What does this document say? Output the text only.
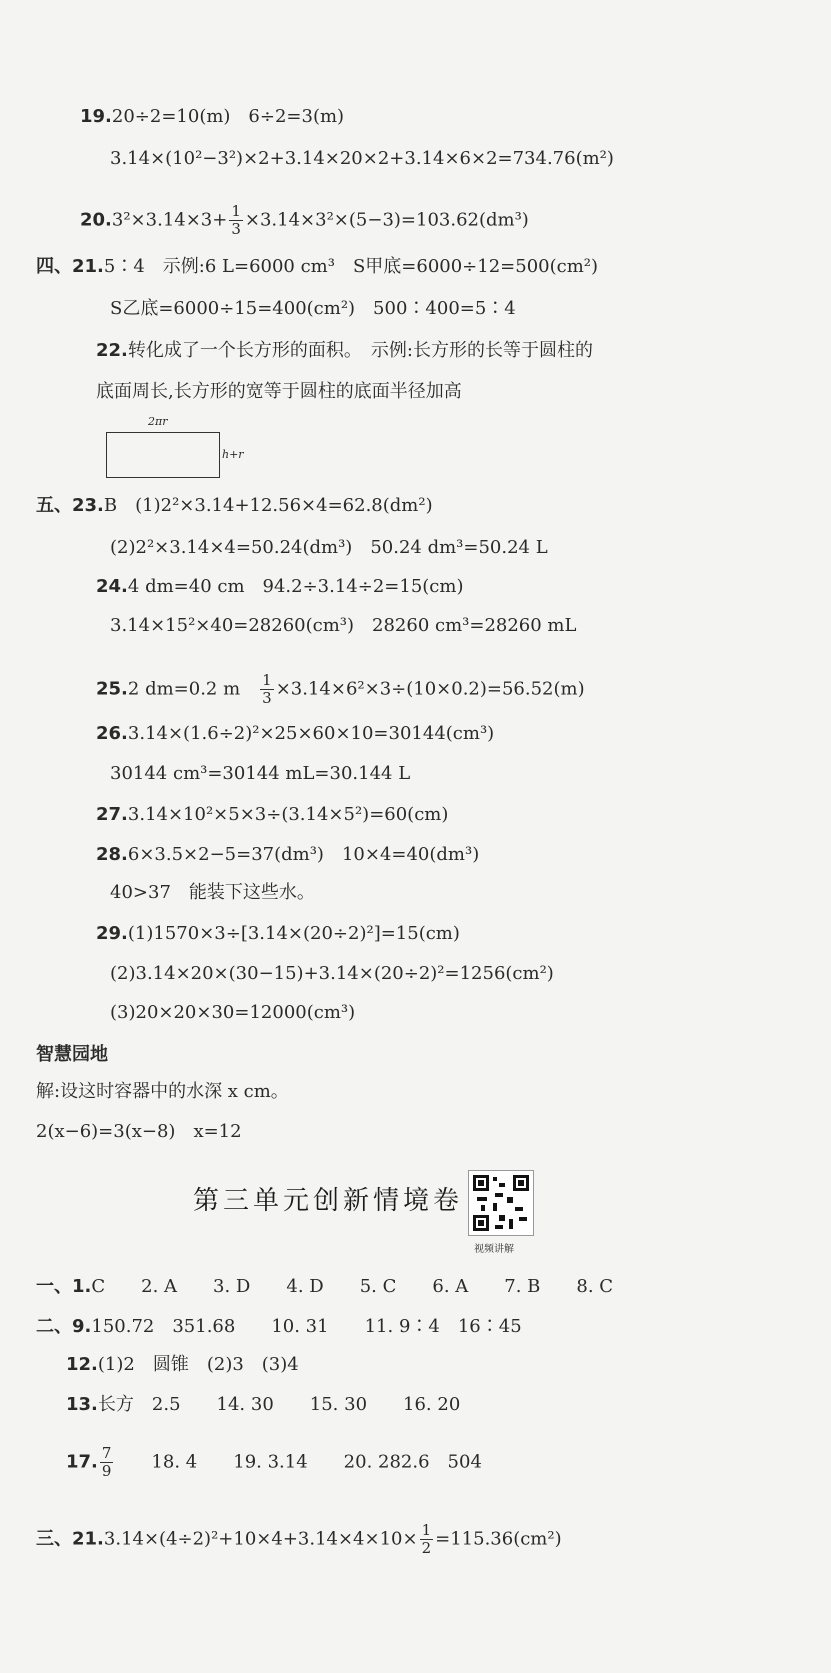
19.20÷2=10(m)　6÷2=3(m)
3.14×(10²−3²)×2+3.14×20×2+3.14×6×2=734.76(m²)
$20.3^2\times 3.14\times 3+ \frac{1}{3} \times 3.14\times 3^2\times(5-3)=103.62(dm^3)$
四、21.5∶4　示例:6 L=6000 cm³　S甲底=6000÷12=500(cm²)
S乙底=6000÷15=400(cm²)　500∶400=5∶4
22.转化成了一个长方形的面积。　示例:长方形的长等于圆柱的
底面周长,长方形的宽等于圆柱的底面半径加高
五、23.B　(1)2²×3.14+12.56×4=62.8(dm²)
(2)2²×3.14×4=50.24(dm³)　50.24 dm³=50.24 L
24.4 dm=40 cm　94.2÷3.14÷2=15(cm)
3.14×15²×40=28260(cm³)　28260 cm³=28260 mL
25.2 dm=0.2 m　 $\frac{1}{3} \times 3.14\times 6^2\times 3\div(10\times 0.2)=56.52(m)$
26.3.14×(1.6÷2)²×25×60×10=30144(cm³)
30144 cm³=30144 mL=30.144 L
27.3.14×10²×5×3÷(3.14×5²)=60(cm)
28.6×3.5×2−5=37(dm³)　10×4=40(dm³)
40>37　能装下这些水。
29.(1)1570×3÷[3.14×(20÷2)²]=15(cm)
(2)3.14×20×(30−15)+3.14×(20÷2)²=1256(cm²)
(3)20×20×30=12000(cm³)
解:设这时容器中的水深 x cm。
2(x−6)=3(x−8)　x=12
一、1.C　　2. A　　3. D　　4. D　　5. C　　6. A　　7. B　　8. C
二、9.150.72　351.68　　10. 31　　11. 9∶4　16∶45
12.(1)2　圆锥　(2)3　(3)4
13.长方　2.5　　14. 30　　15. 30　　16. 20
17. $\frac{7}{9}$ 　　18. 4　　19. 3.14　　20. 282.6　504
三、$21.3.14\times(4\div 2)^2+10\times 4+3.14\times 4\times 10\times \frac{1}{2} =115.36(cm^2)$
2πr
h+r
智慧园地
第三单元创新情境卷
视频讲解
